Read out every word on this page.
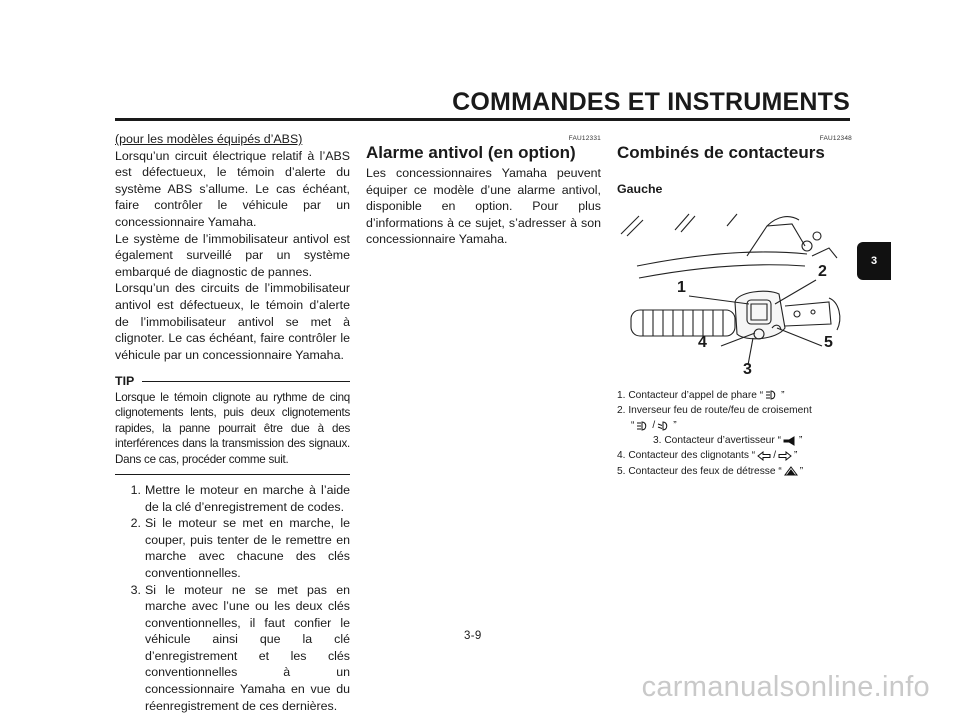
COMMANDES ET INSTRUMENTS
3
(pour les modèles équipés d’ABS)
Lorsqu’un circuit électrique relatif à l’ABS est défectueux, le témoin d’alerte du système ABS s’allume. Le cas échéant, faire contrôler le véhicule par un concessionnaire Yamaha.
Le système de l’immobilisateur antivol est également surveillé par un système embarqué de diagnostic de pannes.
Lorsqu’un des circuits de l’immobilisateur antivol est défectueux, le témoin d’alerte de l’immobilisateur antivol se met à clignoter. Le cas échéant, faire contrôler le véhicule par un concessionnaire Yamaha.
TIP
Lorsque le témoin clignote au rythme de cinq clignotements lents, puis deux clignotements rapides, la panne pourrait être due à des interférences dans la transmission des signaux. Dans ce cas, procéder comme suit.
1. Mettre le moteur en marche à l’aide de la clé d’enregistrement de codes.
2. Si le moteur se met en marche, le couper, puis tenter de le remettre en marche avec chacune des clés conventionnelles.
3. Si le moteur ne se met pas en marche avec l’une ou les deux clés conventionnelles, il faut confier le véhicule ainsi que la clé d’enregistrement et les clés conventionnelles à un concessionnaire Yamaha en vue du réenregistrement de ces dernières.
FAU12331
Alarme antivol (en option)
Les concessionnaires Yamaha peuvent équiper ce modèle d’une alarme antivol, disponible en option. Pour plus d’informations à ce sujet, s’adresser à son concessionnaire Yamaha.
FAU12348
Combinés de contacteurs
Gauche
1
2
3
4	5
1. Contacteur d’appel de phare “ ”
2. Inverseur feu de route/feu de croisement
“ / ”
3. Contacteur d’avertisseur “ ”
4. Contacteur des clignotants “ / ”
5. Contacteur des feux de détresse “ ”
3-9
carmanualsonline.info
